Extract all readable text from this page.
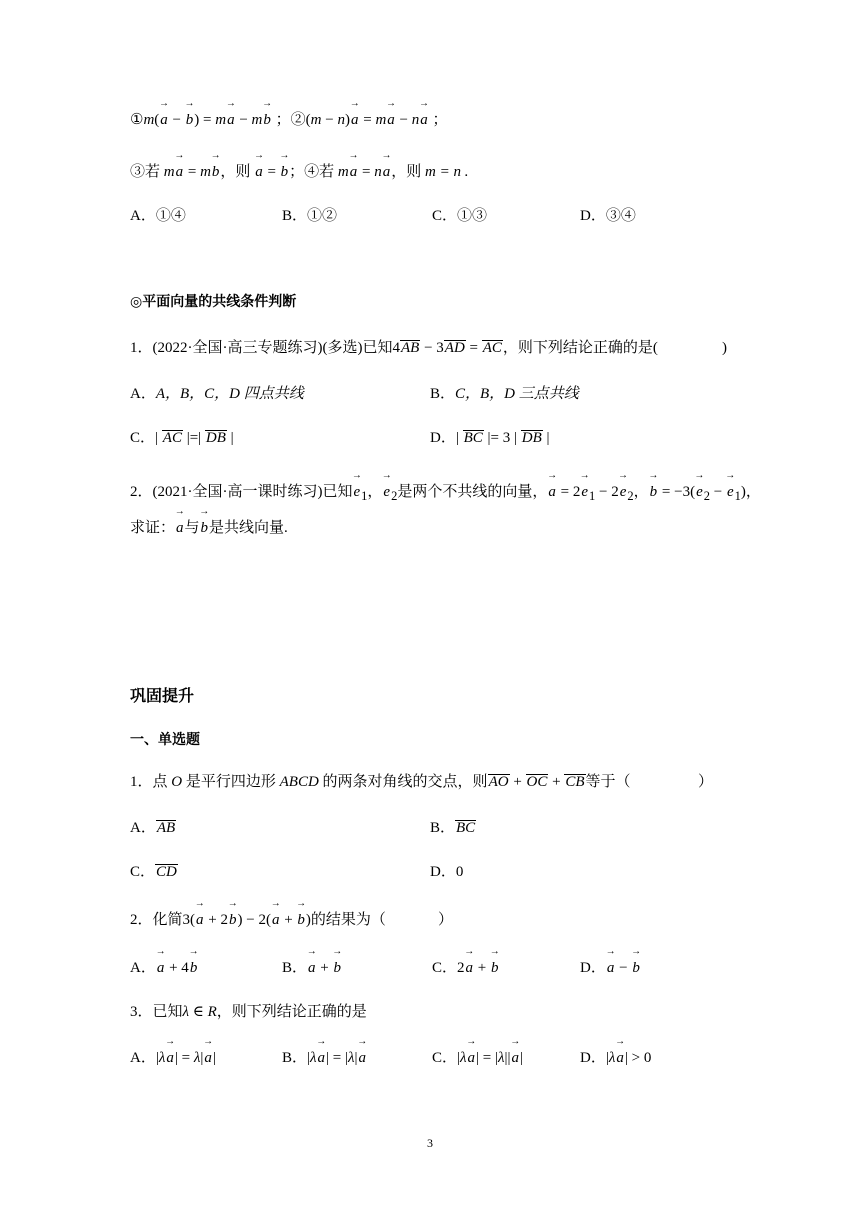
①m(→ a − → b) = m→ a − m→ b ；②(m − n)→ a = m→ a − n→ a ；
③若 m→ a = m→ b，则 → a = → b；④若 m→ a = n→ a，则 m = n .
A．①④	B．①②	C．①③	D．③④
◎平面向量的共线条件判断
1．(2022·全国·高三专题练习)(多选)已知4AB − 3AD = AC，则下列结论正确的是(	)
A．A，B，C，D 四点共线	B．C，B，D 三点共线
C．| AC |=| DB |	D．| BC |= 3 | DB |
2．(2021·全国·高一课时练习)已知→ $e_1$，→ $e_2$是两个不共线的向量，→ $a = 2\to e_1 - 2\to e_2$，→ $b = -3(\to e_2$ − → $e_1$)，
求证：→ a与→ b是共线向量.
巩固提升
一、单选题
1．点 O 是平行四边形 ABCD 的两条对角线的交点，则AO + OC + CB等于（	）
A．AB	B．BC
C．CD	D．0
2．化简3(→ a + 2→ b) − 2(→ a + → b)的结果为（	）
A．→ a + 4→ b	B．→ a + → b	C．2→ a + → b	D．→ a − → b
3．已知λ ∈ R，则下列结论正确的是
A．|λ→ a| = λ|→ a|	B．|λ→ a| = |λ|→ a	C．|λ→ a| = |λ||→ a|	D．|λ→ a| > 0
3
